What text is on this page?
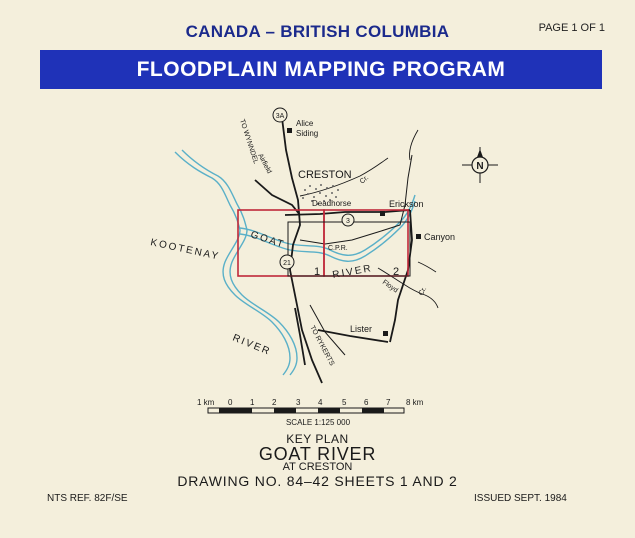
CANADA – BRITISH COLUMBIA	PAGE 1 OF 1
FLOODPLAIN MAPPING PROGRAM
3A
3
21
Alice
Siding
CRESTON
Erickson
Canyon
Lister
TO WYNNDEL
Airfield
TO RYKERTS
C.P.R.
KOOTENAY
RIVER
GOAT
RIVER
Deadhorse
Cr.
Floyd	Cr.
1	2
N
1 km 0 1 2 3 4 5 6 7 8 km
SCALE 1:125 000
KEY PLAN
GOAT RIVER
AT CRESTON
DRAWING NO. 84–42 SHEETS 1 AND 2
NTS REF. 82F/SE	ISSUED SEPT. 1984
